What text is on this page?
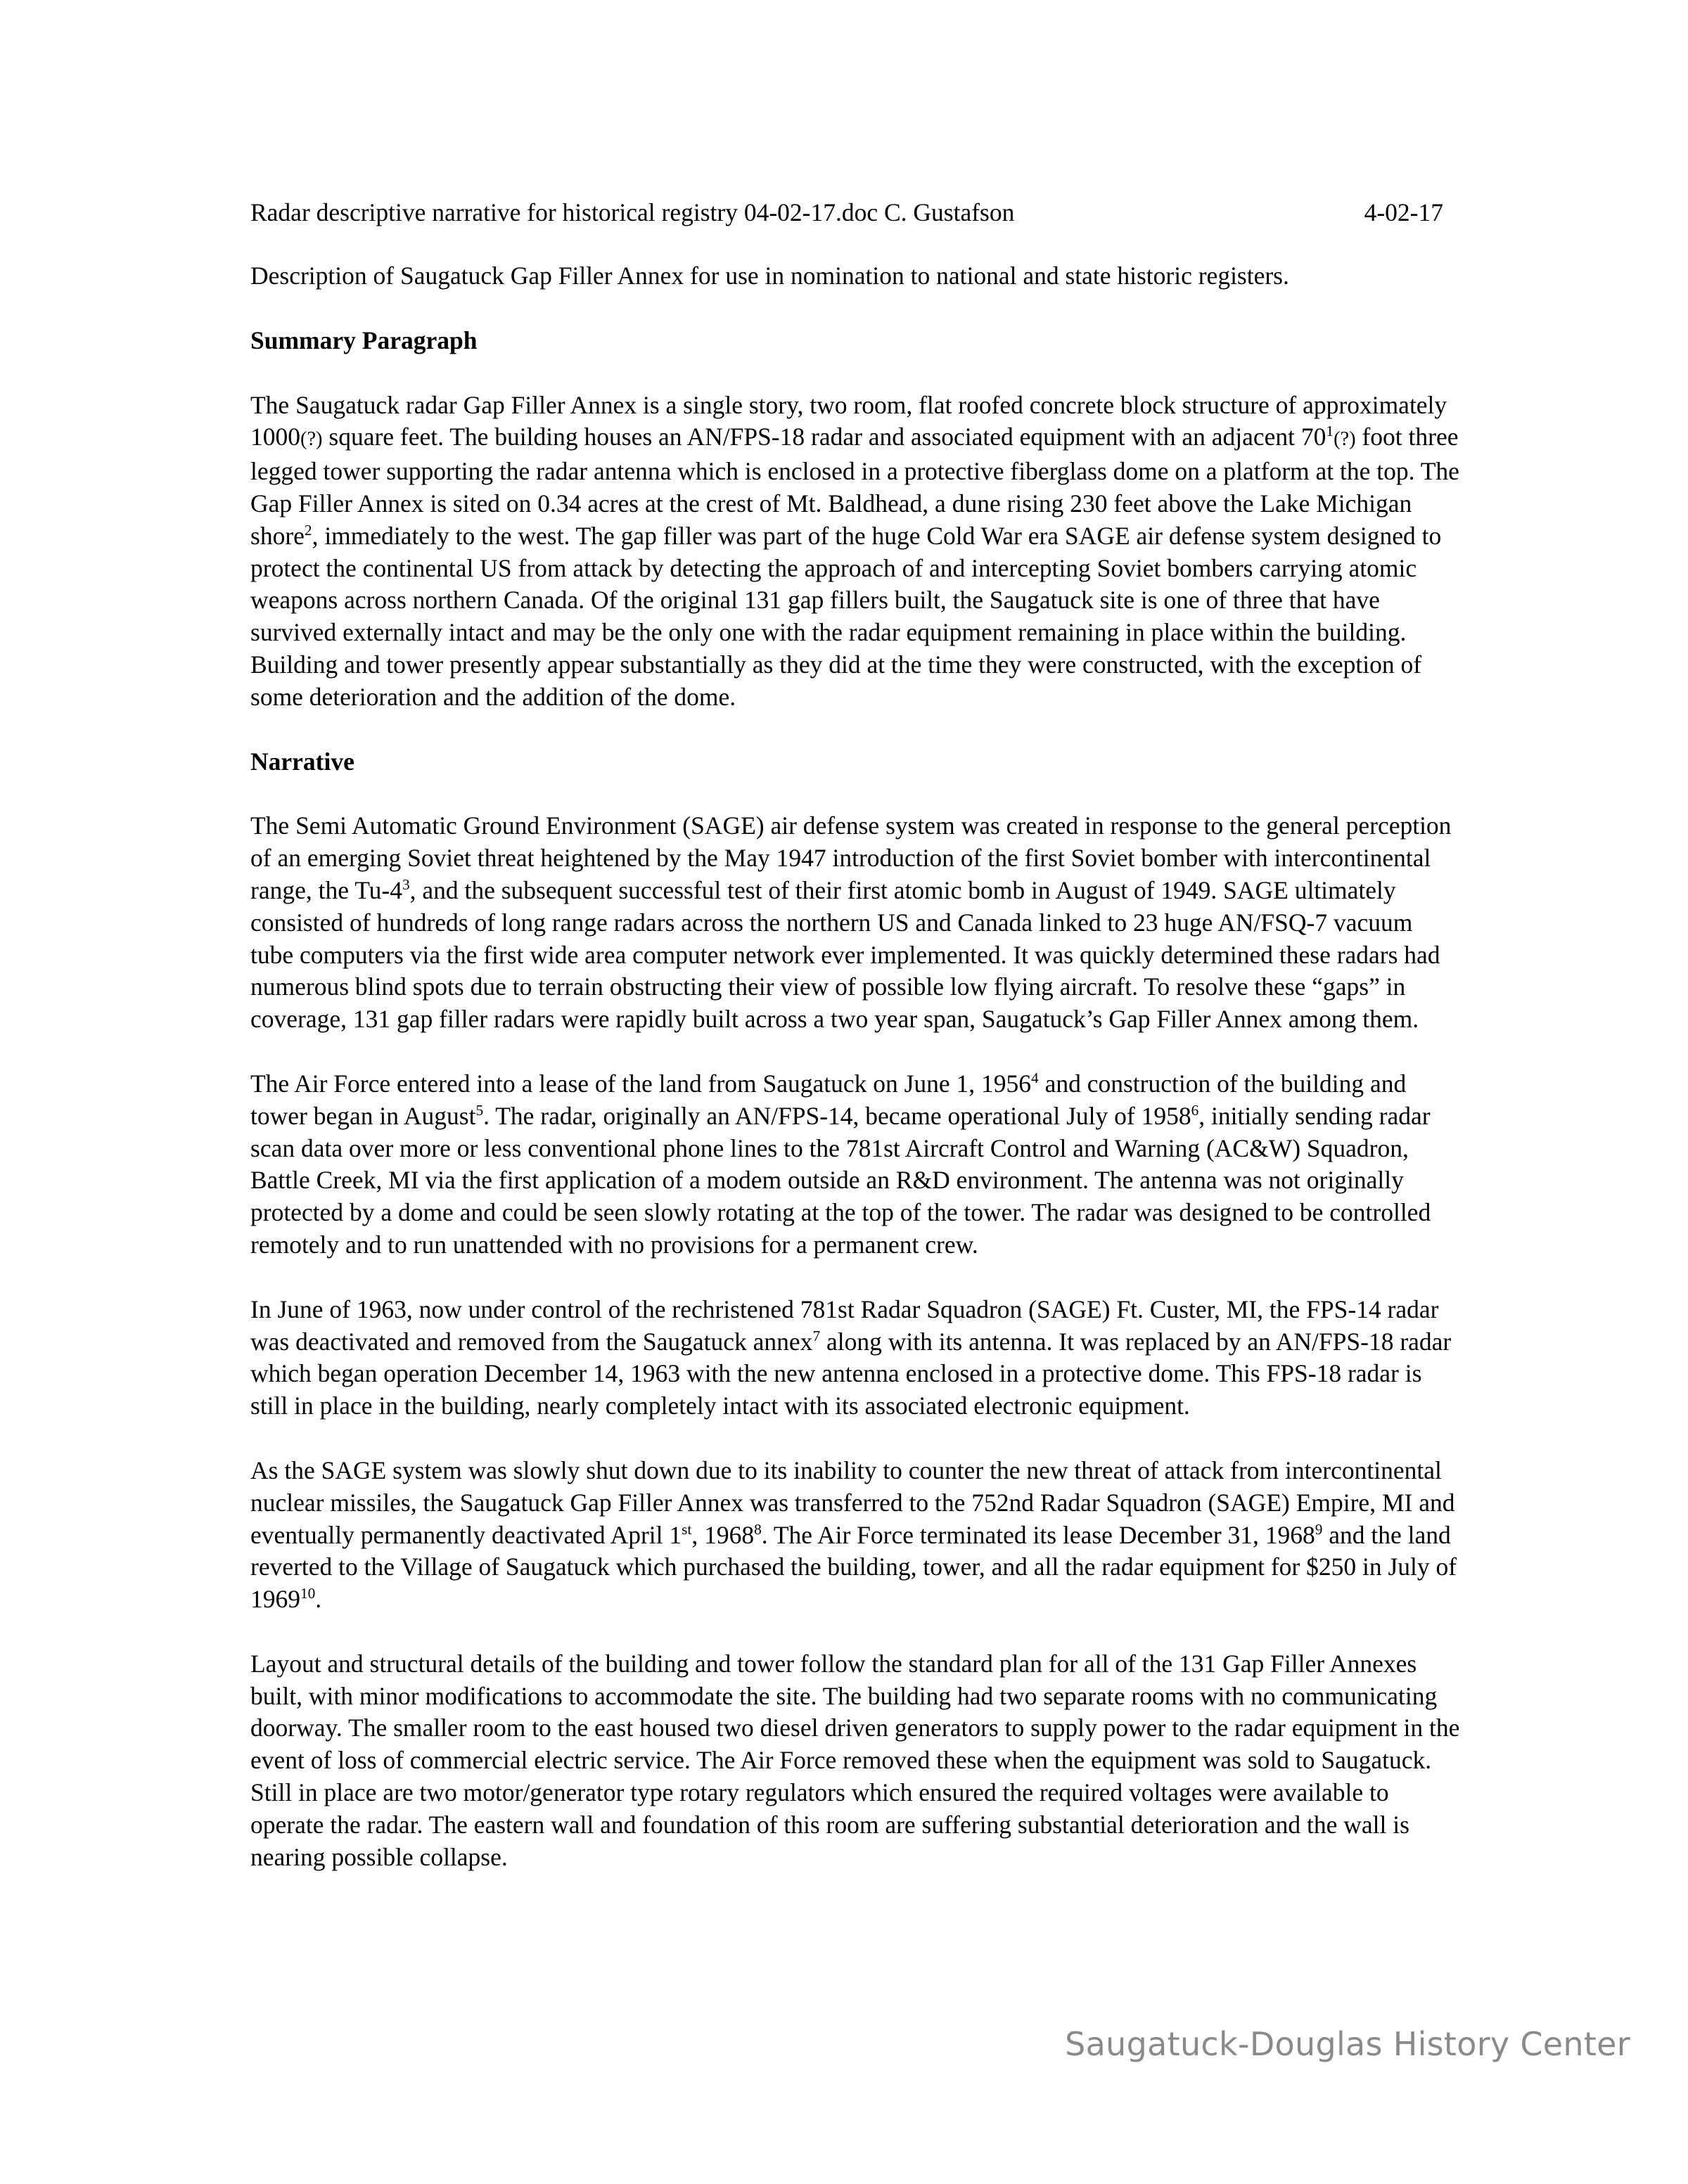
Radar descriptive narrative for historical registry 04-02-17.doc C. Gustafson	4-02-17
Description of Saugatuck Gap Filler Annex for use in nomination to national and state historic registers.
Summary Paragraph
The Saugatuck radar Gap Filler Annex is a single story, two room, flat roofed concrete block structure of approximately 1000(?) square feet. The building houses an AN/FPS-18 radar and associated equipment with an adjacent $70^1(?)$ foot three legged tower supporting the radar antenna which is enclosed in a protective fiberglass dome on a platform at the top. The Gap Filler Annex is sited on 0.34 acres at the crest of Mt. Baldhead, a dune rising 230 feet above the Lake Michigan shore$^2$, immediately to the west. The gap filler was part of the huge Cold War era SAGE air defense system designed to protect the continental US from attack by detecting the approach of and intercepting Soviet bombers carrying atomic weapons across northern Canada. Of the original 131 gap fillers built, the Saugatuck site is one of three that have survived externally intact and may be the only one with the radar equipment remaining in place within the building. Building and tower presently appear substantially as they did at the time they were constructed, with the exception of some deterioration and the addition of the dome.
Narrative
The Semi Automatic Ground Environment (SAGE) air defense system was created in response to the general perception of an emerging Soviet threat heightened by the May 1947 introduction of the first Soviet bomber with intercontinental range, the $Tu-4^3$, and the subsequent successful test of their first atomic bomb in August of 1949. SAGE ultimately consisted of hundreds of long range radars across the northern US and Canada linked to 23 huge AN/FSQ-7 vacuum tube computers via the first wide area computer network ever implemented. It was quickly determined these radars had numerous blind spots due to terrain obstructing their view of possible low flying aircraft. To resolve these “gaps” in coverage, 131 gap filler radars were rapidly built across a two year span, Saugatuck’s Gap Filler Annex among them.
The Air Force entered into a lease of the land from Saugatuck on June 1, 1956$^4$ and construction of the building and tower began in August$^5$. The radar, originally an AN/FPS-14, became operational July of 1958$^6$, initially sending radar scan data over more or less conventional phone lines to the 781st Aircraft Control and Warning (AC&W) Squadron, Battle Creek, MI via the first application of a modem outside an R&D environment. The antenna was not originally protected by a dome and could be seen slowly rotating at the top of the tower. The radar was designed to be controlled remotely and to run unattended with no provisions for a permanent crew.
In June of 1963, now under control of the rechristened 781st Radar Squadron (SAGE) Ft. Custer, MI, the FPS-14 radar was deactivated and removed from the Saugatuck annex$^7$ along with its antenna. It was replaced by an AN/FPS-18 radar which began operation December 14, 1963 with the new antenna enclosed in a protective dome. This FPS-18 radar is still in place in the building, nearly completely intact with its associated electronic equipment.
As the SAGE system was slowly shut down due to its inability to counter the new threat of attack from intercontinental nuclear missiles, the Saugatuck Gap Filler Annex was transferred to the 752nd Radar Squadron (SAGE) Empire, MI and eventually permanently deactivated April 1st, 1968$^8$. The Air Force terminated its lease December 31, 1968$^9$ and the land reverted to the Village of Saugatuck which purchased the building, tower, and all the radar equipment for $250 in July of 1969$^{10}$.
Layout and structural details of the building and tower follow the standard plan for all of the 131 Gap Filler Annexes built, with minor modifications to accommodate the site. The building had two separate rooms with no communicating doorway. The smaller room to the east housed two diesel driven generators to supply power to the radar equipment in the event of loss of commercial electric service. The Air Force removed these when the equipment was sold to Saugatuck. Still in place are two motor/generator type rotary regulators which ensured the required voltages were available to operate the radar. The eastern wall and foundation of this room are suffering substantial deterioration and the wall is nearing possible collapse.
Saugatuck-Douglas History Center
